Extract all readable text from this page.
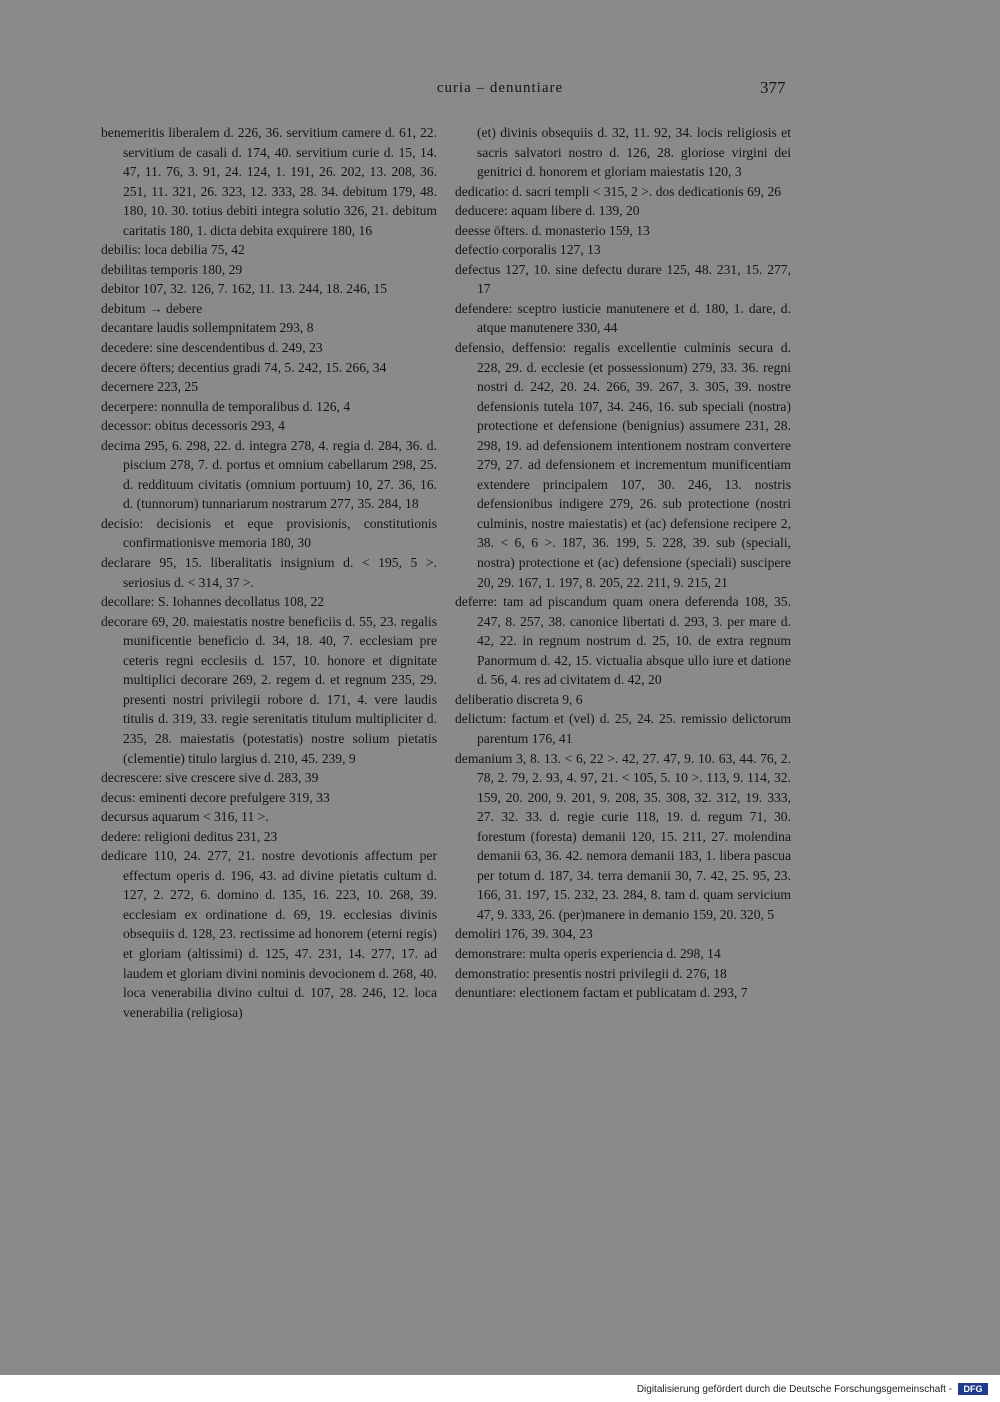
curia – denuntiare	377

benemeritis liberalem d. 226, 36. servitium camere d. 61, 22. servitium de casali d. 174, 40. servitium curie d. 15, 14. 47, 11. 76, 3. 91, 24. 124, 1. 191, 26. 202, 13. 208, 36. 251, 11. 321, 26. 323, 12. 333, 28. 34. debitum 179, 48. 180, 10. 30. totius debiti integra solutio 326, 21. debitum caritatis 180, 1. dicta debita exquirere 180, 16

debilis: loca debilia 75, 42

debilitas temporis 180, 29

debitor 107, 32. 126, 7. 162, 11. 13. 244, 18. 246, 15

debitum → debere

decantare laudis sollempnitatem 293, 8

decedere: sine descendentibus d. 249, 23

decere öfters; decentius gradi 74, 5. 242, 15. 266, 34

decernere 223, 25

decerpere: nonnulla de temporalibus d. 126, 4

decessor: obitus decessoris 293, 4

decima 295, 6. 298, 22. d. integra 278, 4. regia d. 284, 36. d. piscium 278, 7. d. portus et omnium cabellarum 298, 25. d. reddituum civitatis (omnium portuum) 10, 27. 36, 16. d. (tunnorum) tunnariarum nostrarum 277, 35. 284, 18

decisio: decisionis et eque provisionis, constitutionis confirmationisve memoria 180, 30

declarare 95, 15. liberalitatis insignium d. < 195, 5 >. seriosius d. < 314, 37 >.

decollare: S. Iohannes decollatus 108, 22

decorare 69, 20. maiestatis nostre beneficiis d. 55, 23. regalis munificentie beneficio d. 34, 18. 40, 7. ecclesiam pre ceteris regni ecclesiis d. 157, 10. honore et dignitate multiplici decorare 269, 2. regem d. et regnum 235, 29. presenti nostri privilegii robore d. 171, 4. vere laudis titulis d. 319, 33. regie serenitatis titulum multipliciter d. 235, 28. maiestatis (potestatis) nostre solium pietatis (clementie) titulo largius d. 210, 45. 239, 9

decrescere: sive crescere sive d. 283, 39

decus: eminenti decore prefulgere 319, 33

decursus aquarum < 316, 11 >.

dedere: religioni deditus 231, 23

dedicare 110, 24. 277, 21. nostre devotionis affectum per effectum operis d. 196, 43. ad divine pietatis cultum d. 127, 2. 272, 6. domino d. 135, 16. 223, 10. 268, 39. ecclesiam ex ordinatione d. 69, 19. ecclesias divinis obsequiis d. 128, 23. rectissime ad honorem (eterni regis) et gloriam (altissimi) d. 125, 47. 231, 14. 277, 17. ad laudem et gloriam divini nominis devocionem d. 268, 40. loca venerabilia divino cultui d. 107, 28. 246, 12. loca venerabilia (religiosa)

(et) divinis obsequiis d. 32, 11. 92, 34. locis religiosis et sacris salvatori nostro d. 126, 28. gloriose virgini dei genitrici d. honorem et gloriam maiestatis 120, 3

dedicatio: d. sacri templi < 315, 2 >. dos dedicationis 69, 26

deducere: aquam libere d. 139, 20

deesse öfters. d. monasterio 159, 13

defectio corporalis 127, 13

defectus 127, 10. sine defectu durare 125, 48. 231, 15. 277, 17

defendere: sceptro iusticie manutenere et d. 180, 1. dare, d. atque manutenere 330, 44

defensio, deffensio: regalis excellentie culminis secura d. 228, 29. d. ecclesie (et possessionum) 279, 33. 36. regni nostri d. 242, 20. 24. 266, 39. 267, 3. 305, 39. nostre defensionis tutela 107, 34. 246, 16. sub speciali (nostra) protectione et defensione (benignius) assumere 231, 28. 298, 19. ad defensionem intentionem nostram convertere 279, 27. ad defensionem et incrementum munificentiam extendere principalem 107, 30. 246, 13. nostris defensionibus indigere 279, 26. sub protectione (nostri culminis, nostre maiestatis) et (ac) defensione recipere 2, 38. < 6, 6 >. 187, 36. 199, 5. 228, 39. sub (speciali, nostra) protectione et (ac) defensione (speciali) suscipere 20, 29. 167, 1. 197, 8. 205, 22. 211, 9. 215, 21

deferre: tam ad piscandum quam onera deferenda 108, 35. 247, 8. 257, 38. canonice libertati d. 293, 3. per mare d. 42, 22. in regnum nostrum d. 25, 10. de extra regnum Panormum d. 42, 15. victualia absque ullo iure et datione d. 56, 4. res ad civitatem d. 42, 20

deliberatio discreta 9, 6

delictum: factum et (vel) d. 25, 24. 25. remissio delictorum parentum 176, 41

demanium 3, 8. 13. < 6, 22 >. 42, 27. 47, 9. 10. 63, 44. 76, 2. 78, 2. 79, 2. 93, 4. 97, 21. < 105, 5. 10 >. 113, 9. 114, 32. 159, 20. 200, 9. 201, 9. 208, 35. 308, 32. 312, 19. 333, 27. 32. 33. d. regie curie 118, 19. d. regum 71, 30. forestum (foresta) demanii 120, 15. 211, 27. molendina demanii 63, 36. 42. nemora demanii 183, 1. libera pascua per totum d. 187, 34. terra demanii 30, 7. 42, 25. 95, 23. 166, 31. 197, 15. 232, 23. 284, 8. tam d. quam servicium 47, 9. 333, 26. (per)manere in demanio 159, 20. 320, 5

demoliri 176, 39. 304, 23

demonstrare: multa operis experiencia d. 298, 14

demonstratio: presentis nostri privilegii d. 276, 18

denuntiare: electionem factam et publicatam d. 293, 7

Digitalisierung gefördert durch die Deutsche Forschungsgemeinschaft -	DFG
